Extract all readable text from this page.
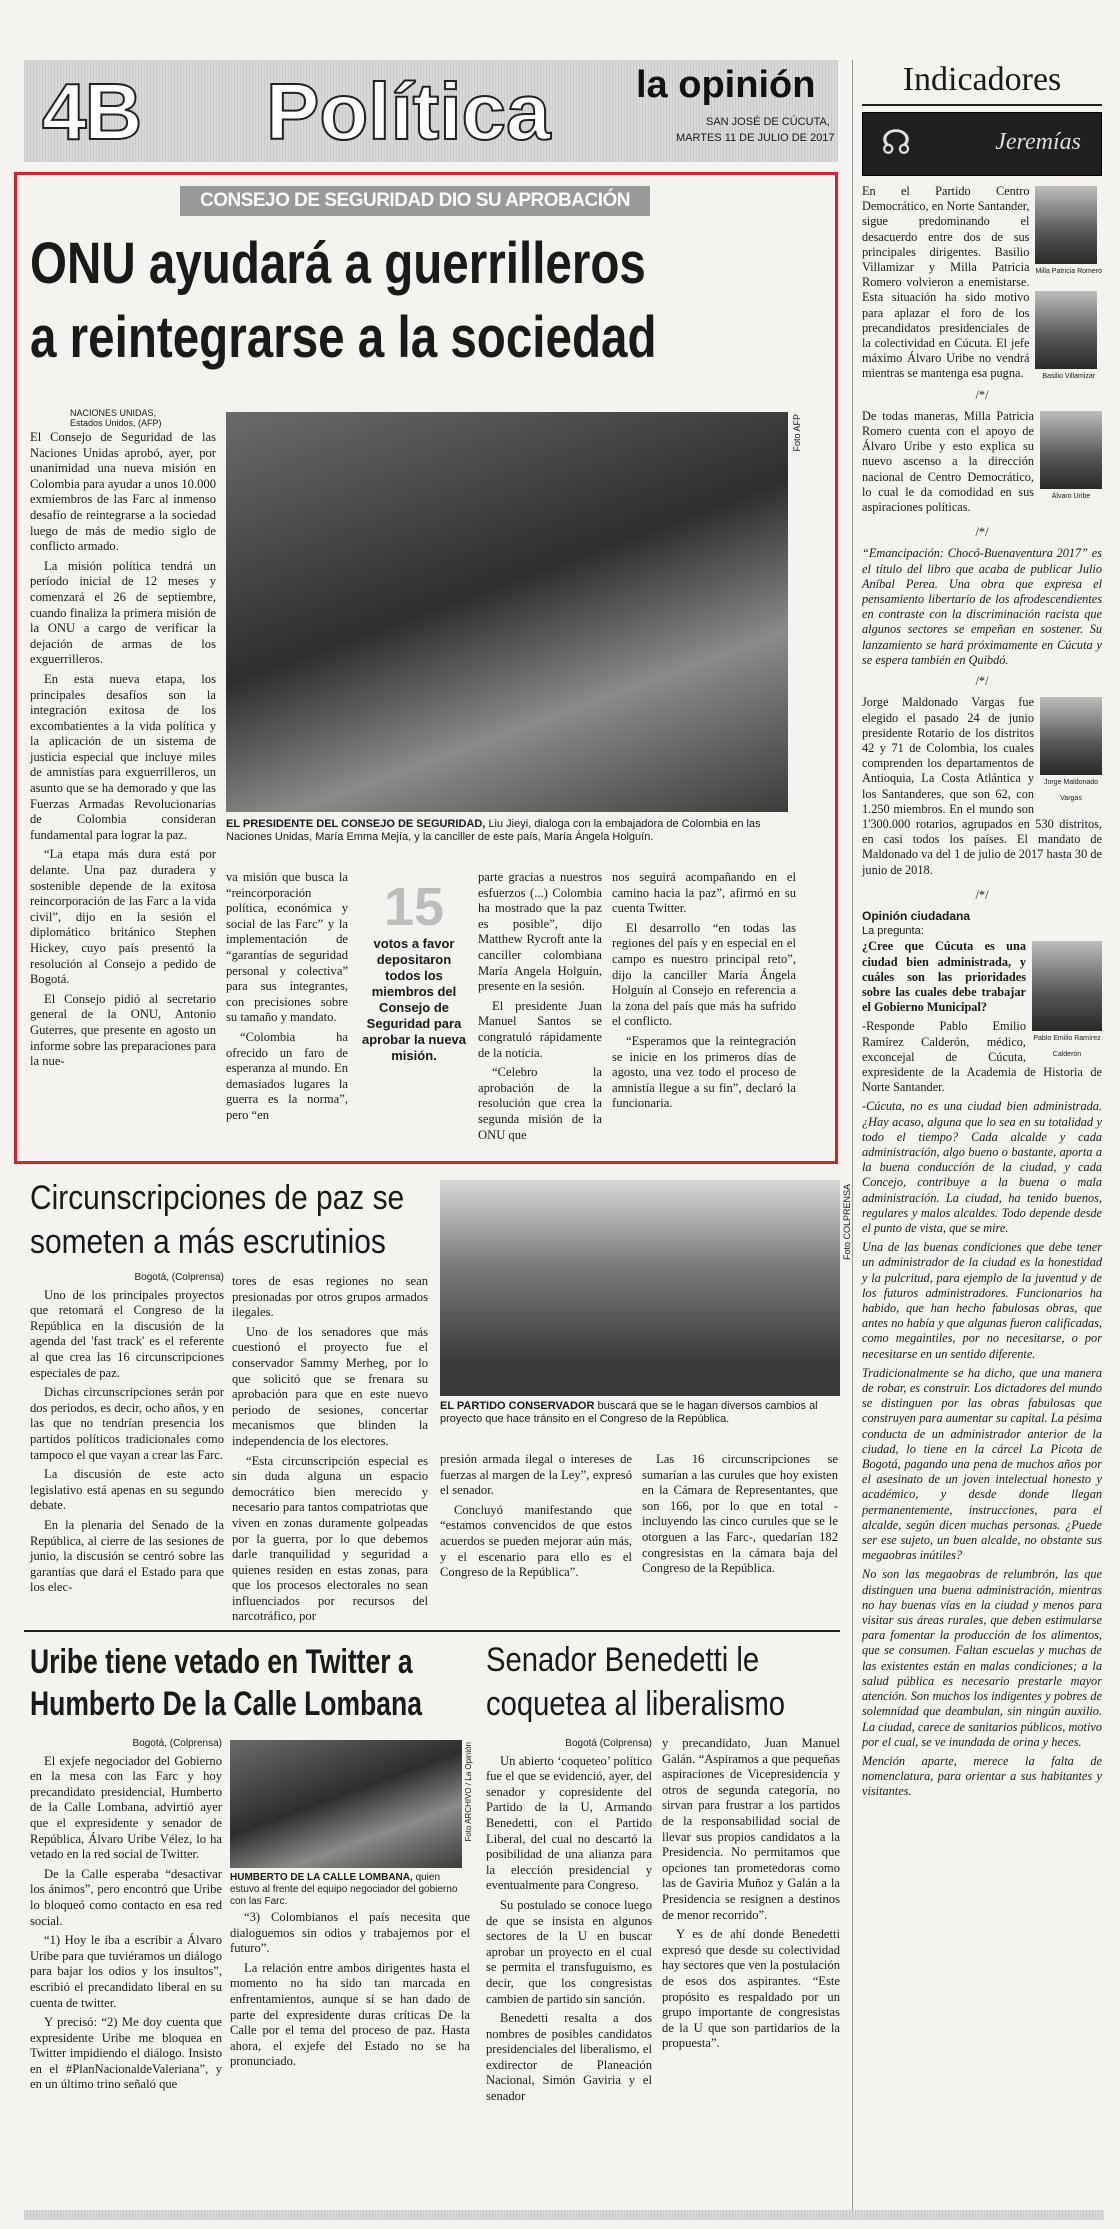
4B Política la opinión
SAN JOSÉ DE CÚCUTA,
MARTES 11 DE JULIO DE 2017
CONSEJO DE SEGURIDAD DIO SU APROBACIÓN
ONU ayudará a guerrilleros
a reintegrarse a la sociedad
NACIONES UNIDAS,
Estados Unidos, (AFP)

El Consejo de Seguridad de las Naciones Unidas aprobó, ayer, por unanimidad una nueva misión en Colombia para ayudar a unos 10.000 exmiembros de las Farc al inmenso desafío de reintegrarse a la sociedad luego de más de medio siglo de conflicto armado.

La misión política tendrá un período inicial de 12 meses y comenzará el 26 de septiembre, cuando finaliza la primera misión de la ONU a cargo de verificar la dejación de armas de los exguerrilleros.

En esta nueva etapa, los principales desafíos son la integración exitosa de los excombatientes a la vida política y la aplicación de un sistema de justicia especial que incluye miles de amnistías para exguerrilleros, un asunto que se ha demorado y que las Fuerzas Armadas Revolucionarias de Colombia consideran fundamental para lograr la paz.

“La etapa más dura está por delante. Una paz duradera y sostenible depende de la exitosa reincorporación de las Farc a la vida civil”, dijo en la sesión el diplomático británico Stephen Hickey, cuyo país presentó la resolución al Consejo a pedido de Bogotá.

El Consejo pidió al secretario general de la ONU, Antonio Guterres, que presente en agosto un informe sobre las preparaciones para la nue-

Foto AFP
EL PRESIDENTE DEL CONSEJO DE SEGURIDAD, Liu Jieyi, dialoga con la embajadora de Colombia en las Naciones Unidas, María Emma Mejía, y la canciller de este país, María Ángela Holguín.

va misión que busca la “reincorporación política, económica y social de las Farc” y la implementación de “garantías de seguridad personal y colectiva” para sus integrantes, con precisiones sobre su tamaño y mandato.

“Colombia ha ofrecido un faro de esperanza al mundo. En demasiados lugares la guerra es la norma”, pero “en

15
votos a favor depositaron todos los miembros del Consejo de Seguridad para aprobar la nueva misión.

parte gracias a nuestros esfuerzos (...) Colombia ha mostrado que la paz es posible”, dijo Matthew Rycroft ante la canciller colombiana María Angela Holguín, presente en la sesión.

El presidente Juan Manuel Santos se congratuló rápidamente de la noticia.

“Celebro la aprobación de la resolución que crea la segunda misión de la ONU que

nos seguirá acompañando en el camino hacia la paz”, afirmó en su cuenta Twitter.

El desarrollo “en todas las regiones del país y en especial en el campo es nuestro principal reto”, dijo la canciller María Ángela Holguín al Consejo en referencia a la zona del país que más ha sufrido el conflicto.

“Esperamos que la reintegración se inicie en los primeros días de agosto, una vez todo el proceso de amnistía llegue a su fin”, declaró la funcionaria.

Circunscripciones de paz se
someten a más escrutinios	Foto COLPRENSA
EL PARTIDO CONSERVADOR buscará que se le hagan diversos cambios al proyecto que hace tránsito en el Congreso de la República.
Bogotá, (Colprensa)

Uno de los principales proyectos que retomará el Congreso de la República en la discusión de la agenda del 'fast track' es el referente al que crea las 16 circunscripciones especiales de paz.

Dichas circunscripciones serán por dos periodos, es decir, ocho años, y en las que no tendrían presencia los partidos políticos tradicionales como tampoco el que vayan a crear las Farc.

La discusión de este acto legislativo está apenas en su segundo debate.

En la plenaria del Senado de la República, al cierre de las sesiones de junio, la discusión se centró sobre las garantías que dará el Estado para que los elec-

tores de esas regiones no sean presionadas por otros grupos armados ilegales.

Uno de los senadores que más cuestionó el proyecto fue el conservador Sammy Merheg, por lo que solicitó que se frenara su aprobación para que en este nuevo periodo de sesiones, concertar mecanismos que blinden la independencia de los electores.

“Esta circunscripción especial es sin duda alguna un espacio democrático bien merecido y necesario para tantos compatriotas que viven en zonas duramente golpeadas por la guerra, por lo que debemos darle tranquilidad y seguridad a quienes residen en estas zonas, para que los procesos electorales no sean influenciados por recursos del narcotráfico, por

presión armada ilegal o intereses de fuerzas al margen de la Ley”, expresó el senador.

Concluyó manifestando que “estamos convencidos de que estos acuerdos se pueden mejorar aún más, y el escenario para ello es el Congreso de la República”.

Las 16 circunscripciones se sumarían a las curules que hoy existen en la Cámara de Representantes, que son 166, por lo que en total -incluyendo las cinco curules que se le otorguen a las Farc-, quedarían 182 congresistas en la cámara baja del Congreso de la República.

Uribe tiene vetado en Twitter a
Humberto De la Calle Lombana
Bogotá, (Colprensa)

El exjefe negociador del Gobierno en la mesa con las Farc y hoy precandidato presidencial, Humberto de la Calle Lombana, advirtió ayer que el expresidente y senador de República, Álvaro Uribe Vélez, lo ha vetado en la red social de Twitter.

De la Calle esperaba “desactivar los ánimos”, pero encontró que Uribe lo bloqueó como contacto en esa red social.

“1) Hoy le iba a escribir a Álvaro Uribe para que tuviéramos un diálogo para bajar los odios y los insultos”, escribió el precandidato liberal en su cuenta de twitter.

Y precisó: “2) Me doy cuenta que expresidente Uribe me bloquea en Twitter impidiendo el diálogo. Insisto en el #PlanNacionaldeValeriana”, y en un último trino señaló que

Foto ARCHIVO / La Opinión
HUMBERTO DE LA CALLE LOMBANA, quien estuvo al frente del equipo negociador del gobierno con las Farc.

“3) Colombianos el país necesita que dialoguemos sin odios y trabajemos por el futuro”.

La relación entre ambos dirigentes hasta el momento no ha sido tan marcada en enfrentamientos, aunque sí se han dado de parte del expresidente duras críticas De la Calle por el tema del proceso de paz. Hasta ahora, el exjefe del Estado no se ha pronunciado.

Senador Benedetti le
coquetea al liberalismo
Bogotá (Colprensa)

Un abierto ‘coqueteo’ político fue el que se evidenció, ayer, del senador y copresidente del Partido de la U, Armando Benedetti, con el Partido Liberal, del cual no descartó la posibilidad de una alianza para la elección presidencial y eventualmente para Congreso.

Su postulado se conoce luego de que se insista en algunos sectores de la U en buscar aprobar un proyecto en el cual se permita el transfuguismo, es decir, que los congresistas cambien de partido sin sanción.

Benedetti resalta a dos nombres de posibles candidatos presidenciales del liberalismo, el exdirector de Planeación Nacional, Simón Gaviria y el senador

y precandidato, Juan Manuel Galán. “Aspiramos a que pequeñas aspiraciones de Vicepresidencia y otros de segunda categoría, no sirvan para frustrar a los partidos de la responsabilidad social de llevar sus propios candidatos a la Presidencia. No permitamos que opciones tan prometedoras como las de Gaviria Muñoz y Galán a la Presidencia se resignen a destinos de menor recorrido”.

Y es de ahí donde Benedetti expresó que desde su colectividad hay sectores que ven la postulación de esos dos aspirantes. “Este propósito es respaldado por un grupo importante de congresistas de la U que son partidarios de la propuesta”.

Indicadores
☊	Jeremías
Milla Patricia Romero
Basilio Villamizar

En el Partido Centro Democrático, en Norte Santander, sigue predominando el desacuerdo entre dos de sus principales dirigentes. Basilio Villamizar y Milla Patricia Romero volvieron a enemistarse. Esta situación ha sido motivo para aplazar el foro de los precandidatos presidenciales de la colectividad en Cúcuta. El jefe máximo Álvaro Uribe no vendrá mientras se mantenga esa pugna.

/*/
Álvaro Uribe

De todas maneras, Milla Patricia Romero cuenta con el apoyo de Álvaro Uribe y esto explica su nuevo ascenso a la dirección nacional de Centro Democrático, lo cual le da comodidad en sus aspiraciones políticas.

/*/

“Emancipación: Chocó-Buenaventura 2017” es el título del libro que acaba de publicar Julio Aníbal Perea. Una obra que expresa el pensamiento libertario de los afrodescendientes en contraste con la discriminación racista que algunos sectores se empeñan en sostener. Su lanzamiento se hará próximamente en Cúcuta y se espera también en Quibdó.

/*/
Jorge Maldonado Vargas

Jorge Maldonado Vargas fue elegido el pasado 24 de junio presidente Rotario de los distritos 42 y 71 de Colombia, los cuales comprenden los departamentos de Antioquia, La Costa Atlántica y los Santanderes, que son 62, con 1.250 miembros. En el mundo son 1'300.000 rotarios, agrupados en 530 distritos, en casi todos los países. El mandato de Maldonado va del 1 de julio de 2017 hasta 30 de junio de 2018.

/*/
Opinión ciudadana
La pregunta:
Pablo Emilio Ramírez Calderón

¿Cree que Cúcuta es una ciudad bien administrada, y cuáles son las prioridades sobre las cuales debe trabajar el Gobierno Municipal?

-Responde Pablo Emilio Ramírez Calderón, médico, exconcejal de Cúcuta, expresidente de la Academia de Historia de Norte Santander.

-Cúcuta, no es una ciudad bien administrada. ¿Hay acaso, alguna que lo sea en su totalidad y todo el tiempo? Cada alcalde y cada administración, algo bueno o bastante, aporta a la buena conducción de la ciudad, y cada Concejo, contribuye a la buena o mala administración. La ciudad, ha tenido buenos, regulares y malos alcaldes. Todo depende desde el punto de vista, que se mire.

Una de las buenas condiciones que debe tener un administrador de la ciudad es la honestidad y la pulcritud, para ejemplo de la juventud y de los futuros administradores. Funcionarios ha habido, que han hecho fabulosas obras, que antes no había y que algunas fueron calificadas, como megaintiles, por no necesitarse, o por necesitarse en un sentido diferente.

Tradicionalmente se ha dicho, que una manera de robar, es construir. Los dictadores del mundo se distinguen por las obras fabulosas que construyen para aumentar su capital. La pésima conducta de un administrador anterior de la ciudad, lo tiene en la cárcel La Picota de Bogotá, pagando una pena de muchos años por el asesinato de un joven intelectual honesto y académico, y desde donde llegan permanentemente, instrucciones, para el alcalde, según dicen muchas personas. ¿Puede ser ese sujeto, un buen alcalde, no obstante sus megaobras inútiles?

No son las megaobras de relumbrón, las que distinguen una buena administración, mientras no hay buenas vías en la ciudad y menos para visitar sus áreas rurales, que deben estimularse para fomentar la producción de los alimentos, que se consumen. Faltan escuelas y muchas de las existentes están en malas condiciones; a la salud pública es necesario prestarle mayor atención. Son muchos los indigentes y pobres de solemnidad que deambulan, sin ningún auxilio. La ciudad, carece de sanitarios públicos, motivo por el cual, se ve inundada de orina y heces.

Mención aparte, merece la falta de nomenclatura, para orientar a sus habitantes y visitantes.
